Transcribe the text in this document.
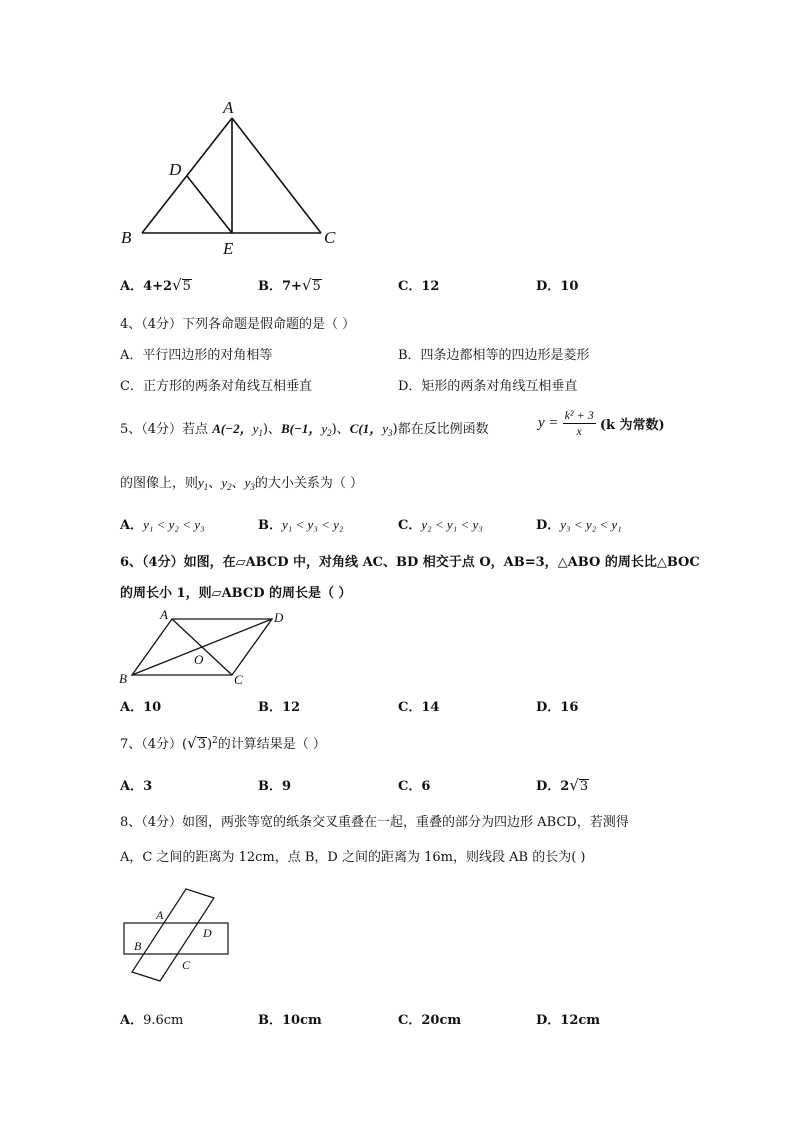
A
D
B
E
C
A．4+2√5	B．7+√5	C．12	D．10
4、（4分）下列各命题是假命题的是（ ）
A．平行四边形的对角相等	B．四条边都相等的四边形是菱形
C．正方形的两条对角线互相垂直	D．矩形的两条对角线互相垂直
5、（4分）若点 A(−2，$y_1$)、B(−1，$y_2$)、C(1，$y_3$)都在反比例函数	$y = \frac{\text{k² + 3}}{x} (k$ 为常数)
的图像上，则$y_1$、$y_2$、$y_3$的大小关系为（ ）
A．y₁ < y₂ < y₃	B．y₁ < y₃ < y₂	C．y₂ < y₁ < y₃	D．y₃ < y₂ < y₁
6、（4分）如图，在▱ABCD 中，对角线 AC、BD 相交于点 O，AB=3，△ABO 的周长比△BOC
的周长小 1，则▱ABCD 的周长是（ ）
A	D
O
B	C
A．10	B．12	C．14	D．16
7、（4分）$(√3)^2$的计算结果是（ ）
A．3	B．9	C．6	D．2√3
8、（4分）如图，两张等宽的纸条交叉重叠在一起，重叠的部分为四边形 ABCD，若测得
A，C 之间的距离为 12cm，点 B，D 之间的距离为 16m，则线段 AB 的长为( )
A
D
B
C
A．9.6cm	B．10cm	C．20cm	D．12cm
